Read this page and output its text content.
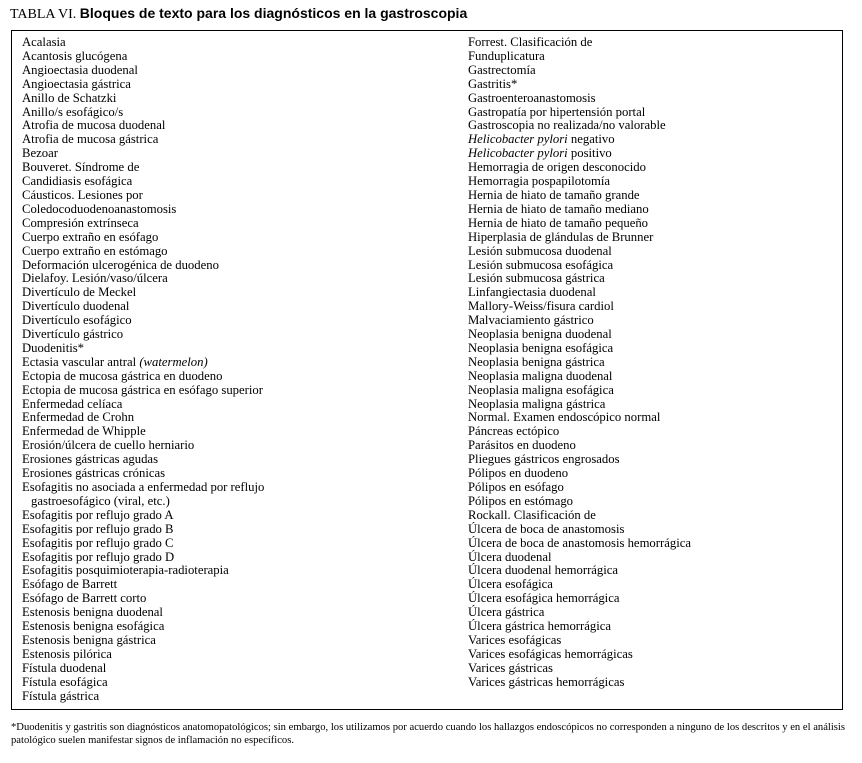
TABLA VI. Bloques de texto para los diagnósticos en la gastroscopia
Acalasia
Acantosis glucógena
Angioectasia duodenal
Angioectasia gástrica
Anillo de Schatzki
Anillo/s esofágico/s
Atrofia de mucosa duodenal
Atrofia de mucosa gástrica
Bezoar
Bouveret. Síndrome de
Candidiasis esofágica
Cáusticos. Lesiones por
Coledocoduodenoanastomosis
Compresión extrínseca
Cuerpo extraño en esófago
Cuerpo extraño en estómago
Deformación ulcerogénica de duodeno
Dielafoy. Lesión/vaso/úlcera
Divertículo de Meckel
Divertículo duodenal
Divertículo esofágico
Divertículo gástrico
Duodenitis*
Ectasia vascular antral (watermelon)
Ectopia de mucosa gástrica en duodeno
Ectopia de mucosa gástrica en esófago superior
Enfermedad celíaca
Enfermedad de Crohn
Enfermedad de Whipple
Erosión/úlcera de cuello herniario
Erosiones gástricas agudas
Erosiones gástricas crónicas
Esofagitis no asociada a enfermedad por reflujo
gastroesofágico (viral, etc.)
Esofagitis por reflujo grado A
Esofagitis por reflujo grado B
Esofagitis por reflujo grado C
Esofagitis por reflujo grado D
Esofagitis posquimioterapia-radioterapia
Esófago de Barrett
Esófago de Barrett corto
Estenosis benigna duodenal
Estenosis benigna esofágica
Estenosis benigna gástrica
Estenosis pilórica
Fístula duodenal
Fístula esofágica
Fístula gástrica
Forrest. Clasificación de
Funduplicatura
Gastrectomía
Gastritis*
Gastroenteroanastomosis
Gastropatía por hipertensión portal
Gastroscopia no realizada/no valorable
Helicobacter pylori negativo
Helicobacter pylori positivo
Hemorragia de origen desconocido
Hemorragia pospapilotomía
Hernia de hiato de tamaño grande
Hernia de hiato de tamaño mediano
Hernia de hiato de tamaño pequeño
Hiperplasia de glándulas de Brunner
Lesión submucosa duodenal
Lesión submucosa esofágica
Lesión submucosa gástrica
Linfangiectasia duodenal
Mallory-Weiss/fisura cardiol
Malvaciamiento gástrico
Neoplasia benigna duodenal
Neoplasia benigna esofágica
Neoplasia benigna gástrica
Neoplasia maligna duodenal
Neoplasia maligna esofágica
Neoplasia maligna gástrica
Normal. Examen endoscópico normal
Páncreas ectópico
Parásitos en duodeno
Pliegues gástricos engrosados
Pólipos en duodeno
Pólipos en esófago
Pólipos en estómago
Rockall. Clasificación de
Úlcera de boca de anastomosis
Úlcera de boca de anastomosis hemorrágica
Úlcera duodenal
Úlcera duodenal hemorrágica
Úlcera esofágica
Úlcera esofágica hemorrágica
Úlcera gástrica
Úlcera gástrica hemorrágica
Varices esofágicas
Varices esofágicas hemorrágicas
Varices gástricas
Varices gástricas hemorrágicas
*Duodenitis y gastritis son diagnósticos anatomopatológicos; sin embargo, los utilizamos por acuerdo cuando los hallazgos endoscópicos no corresponden a ninguno de los descritos y en el análisis patológico suelen manifestar signos de inflamación no específicos.
